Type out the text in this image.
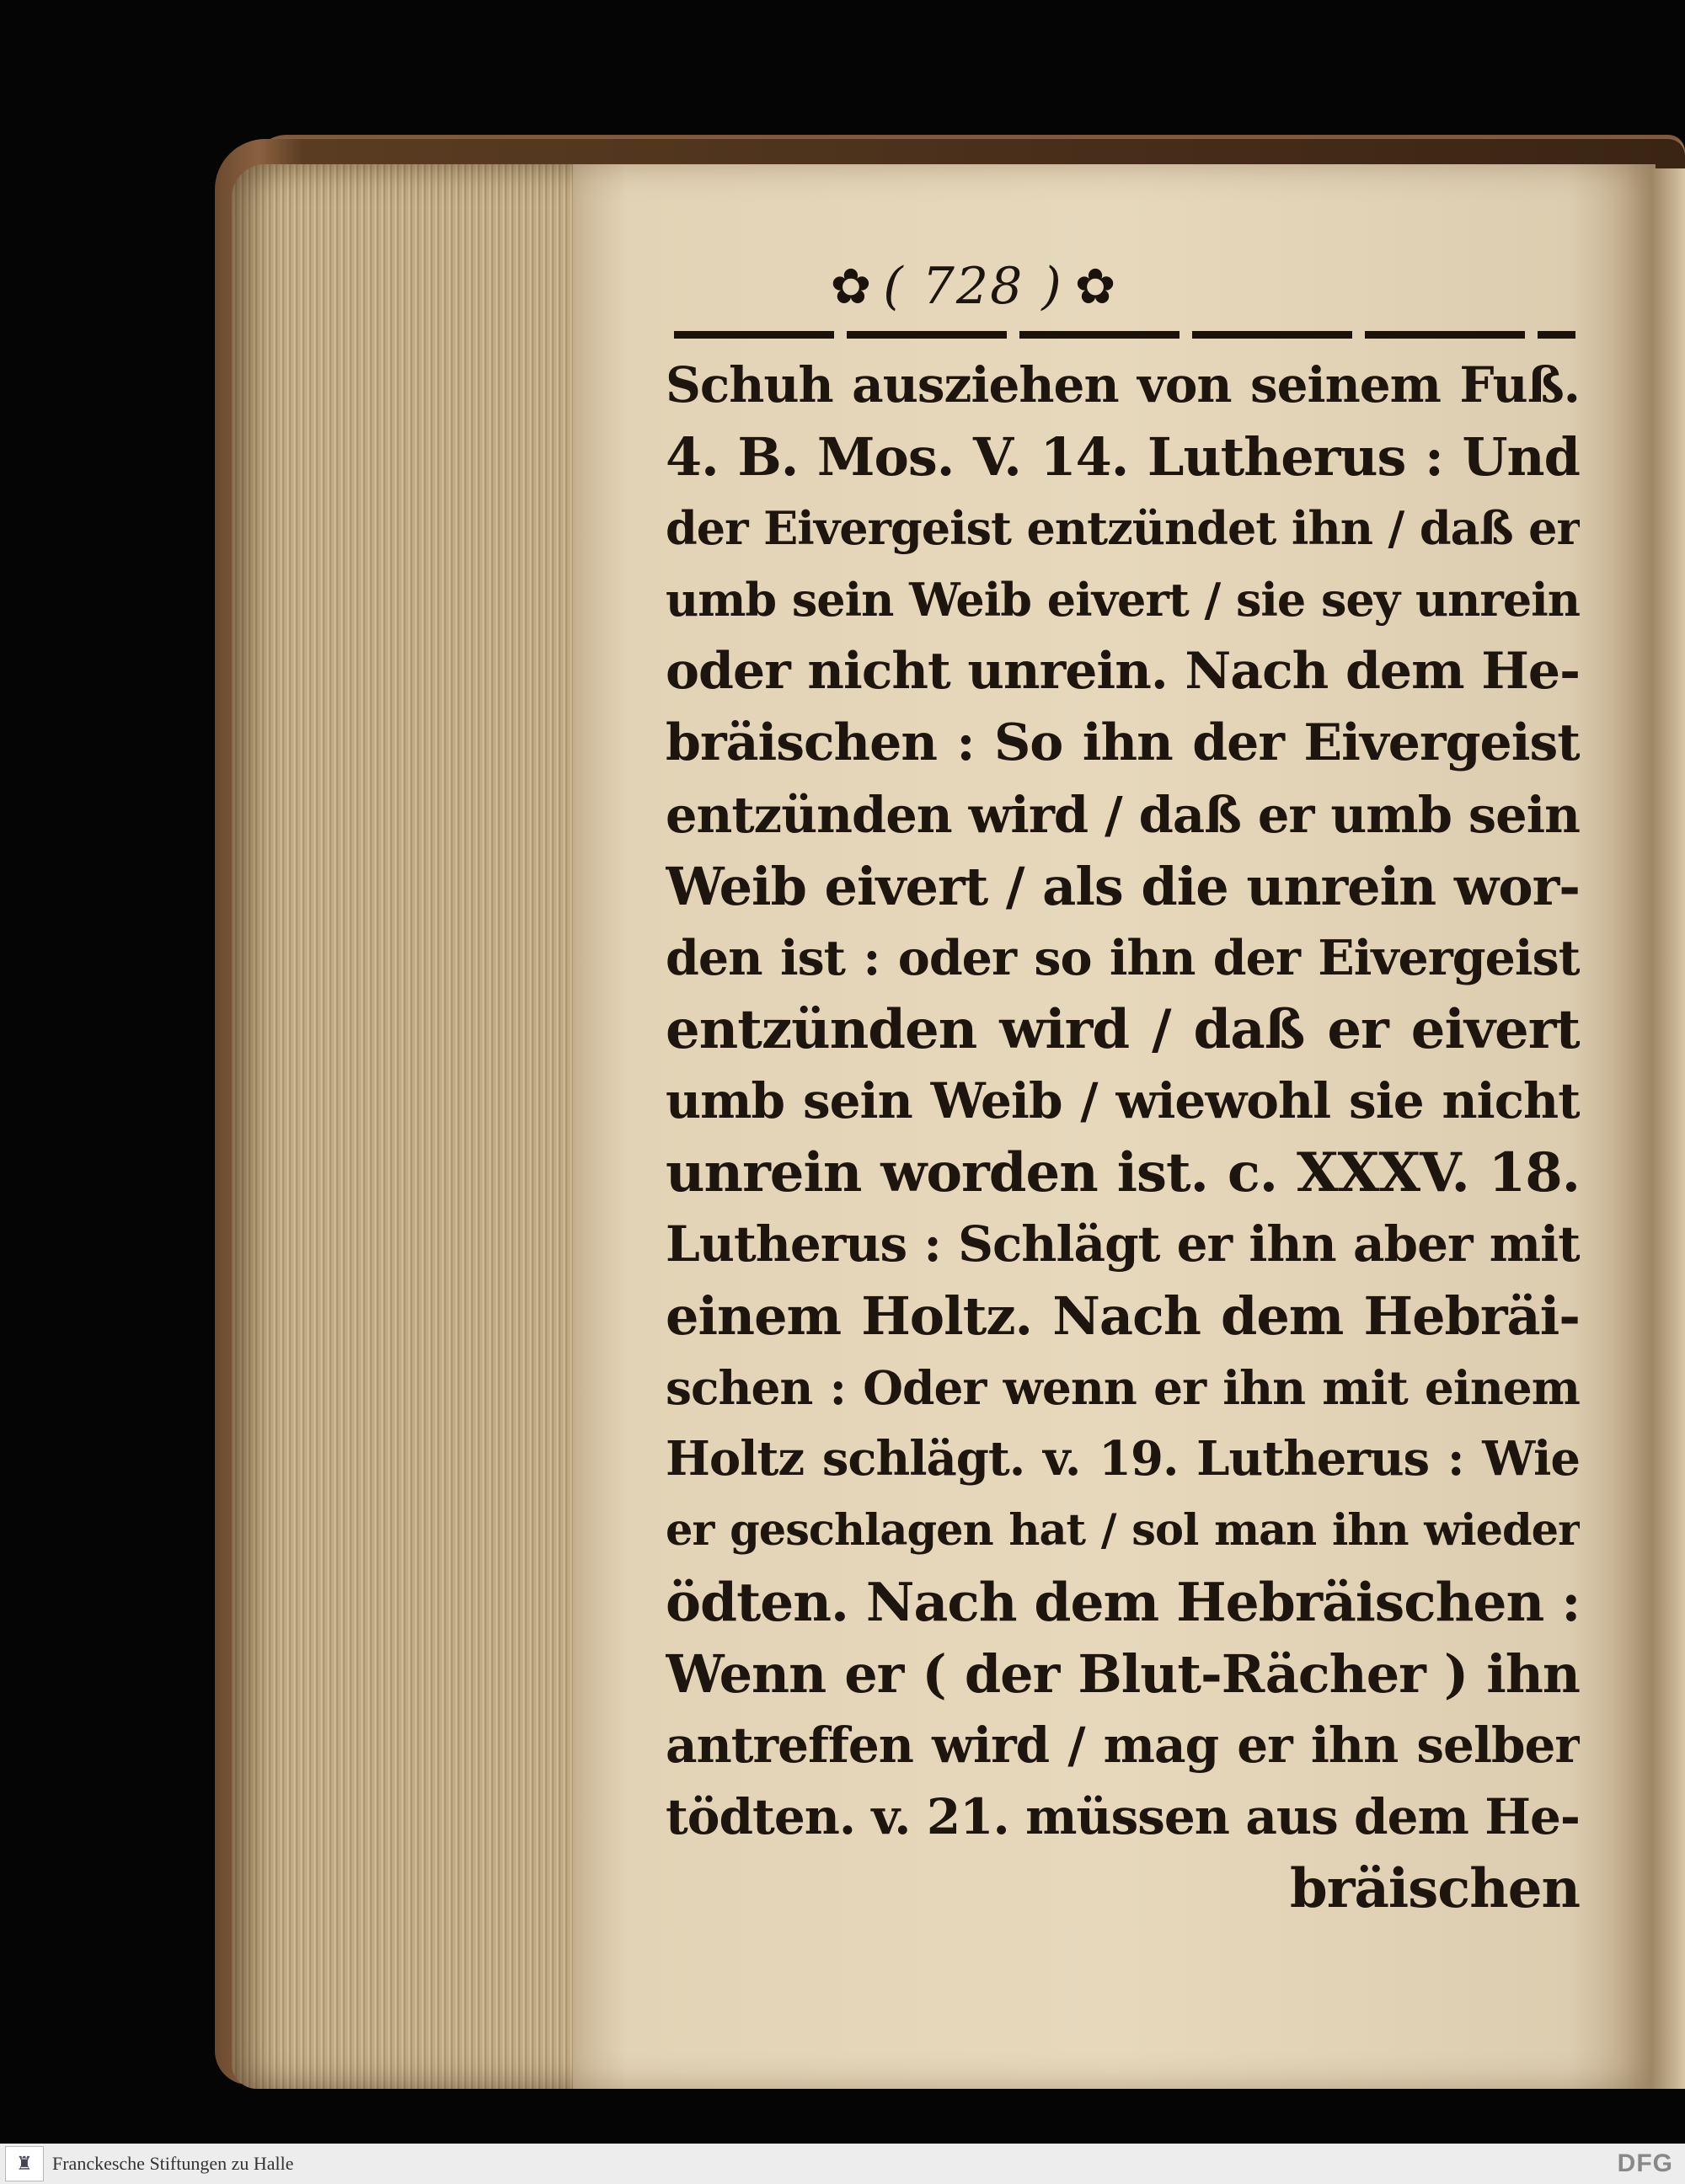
✿ ( 728 ) ✿
Schuh ausziehen von seinem Fuß.
4. B. Mos. V. 14. Lutherus : Und
der Eivergeist entzündet ihn / daß er
umb sein Weib eivert / sie sey unrein
oder nicht unrein. Nach dem He-
bräischen : So ihn der Eivergeist
entzünden wird / daß er umb sein
Weib eivert / als die unrein wor-
den ist : oder so ihn der Eivergeist
entzünden wird / daß er eivert
umb sein Weib / wiewohl sie nicht
unrein worden ist. c. XXXV. 18.
Lutherus : Schlägt er ihn aber mit
einem Holtz. Nach dem Hebräi-
schen : Oder wenn er ihn mit einem
Holtz schlägt. v. 19. Lutherus : Wie
er geschlagen hat / sol man ihn wieder
ödten. Nach dem Hebräischen :
Wenn er ( der Blut-Rächer ) ihn
antreffen wird / mag er ihn selber
tödten. v. 21. müssen aus dem He-
bräischen
♜	Franckesche Stiftungen zu Halle	DFG
